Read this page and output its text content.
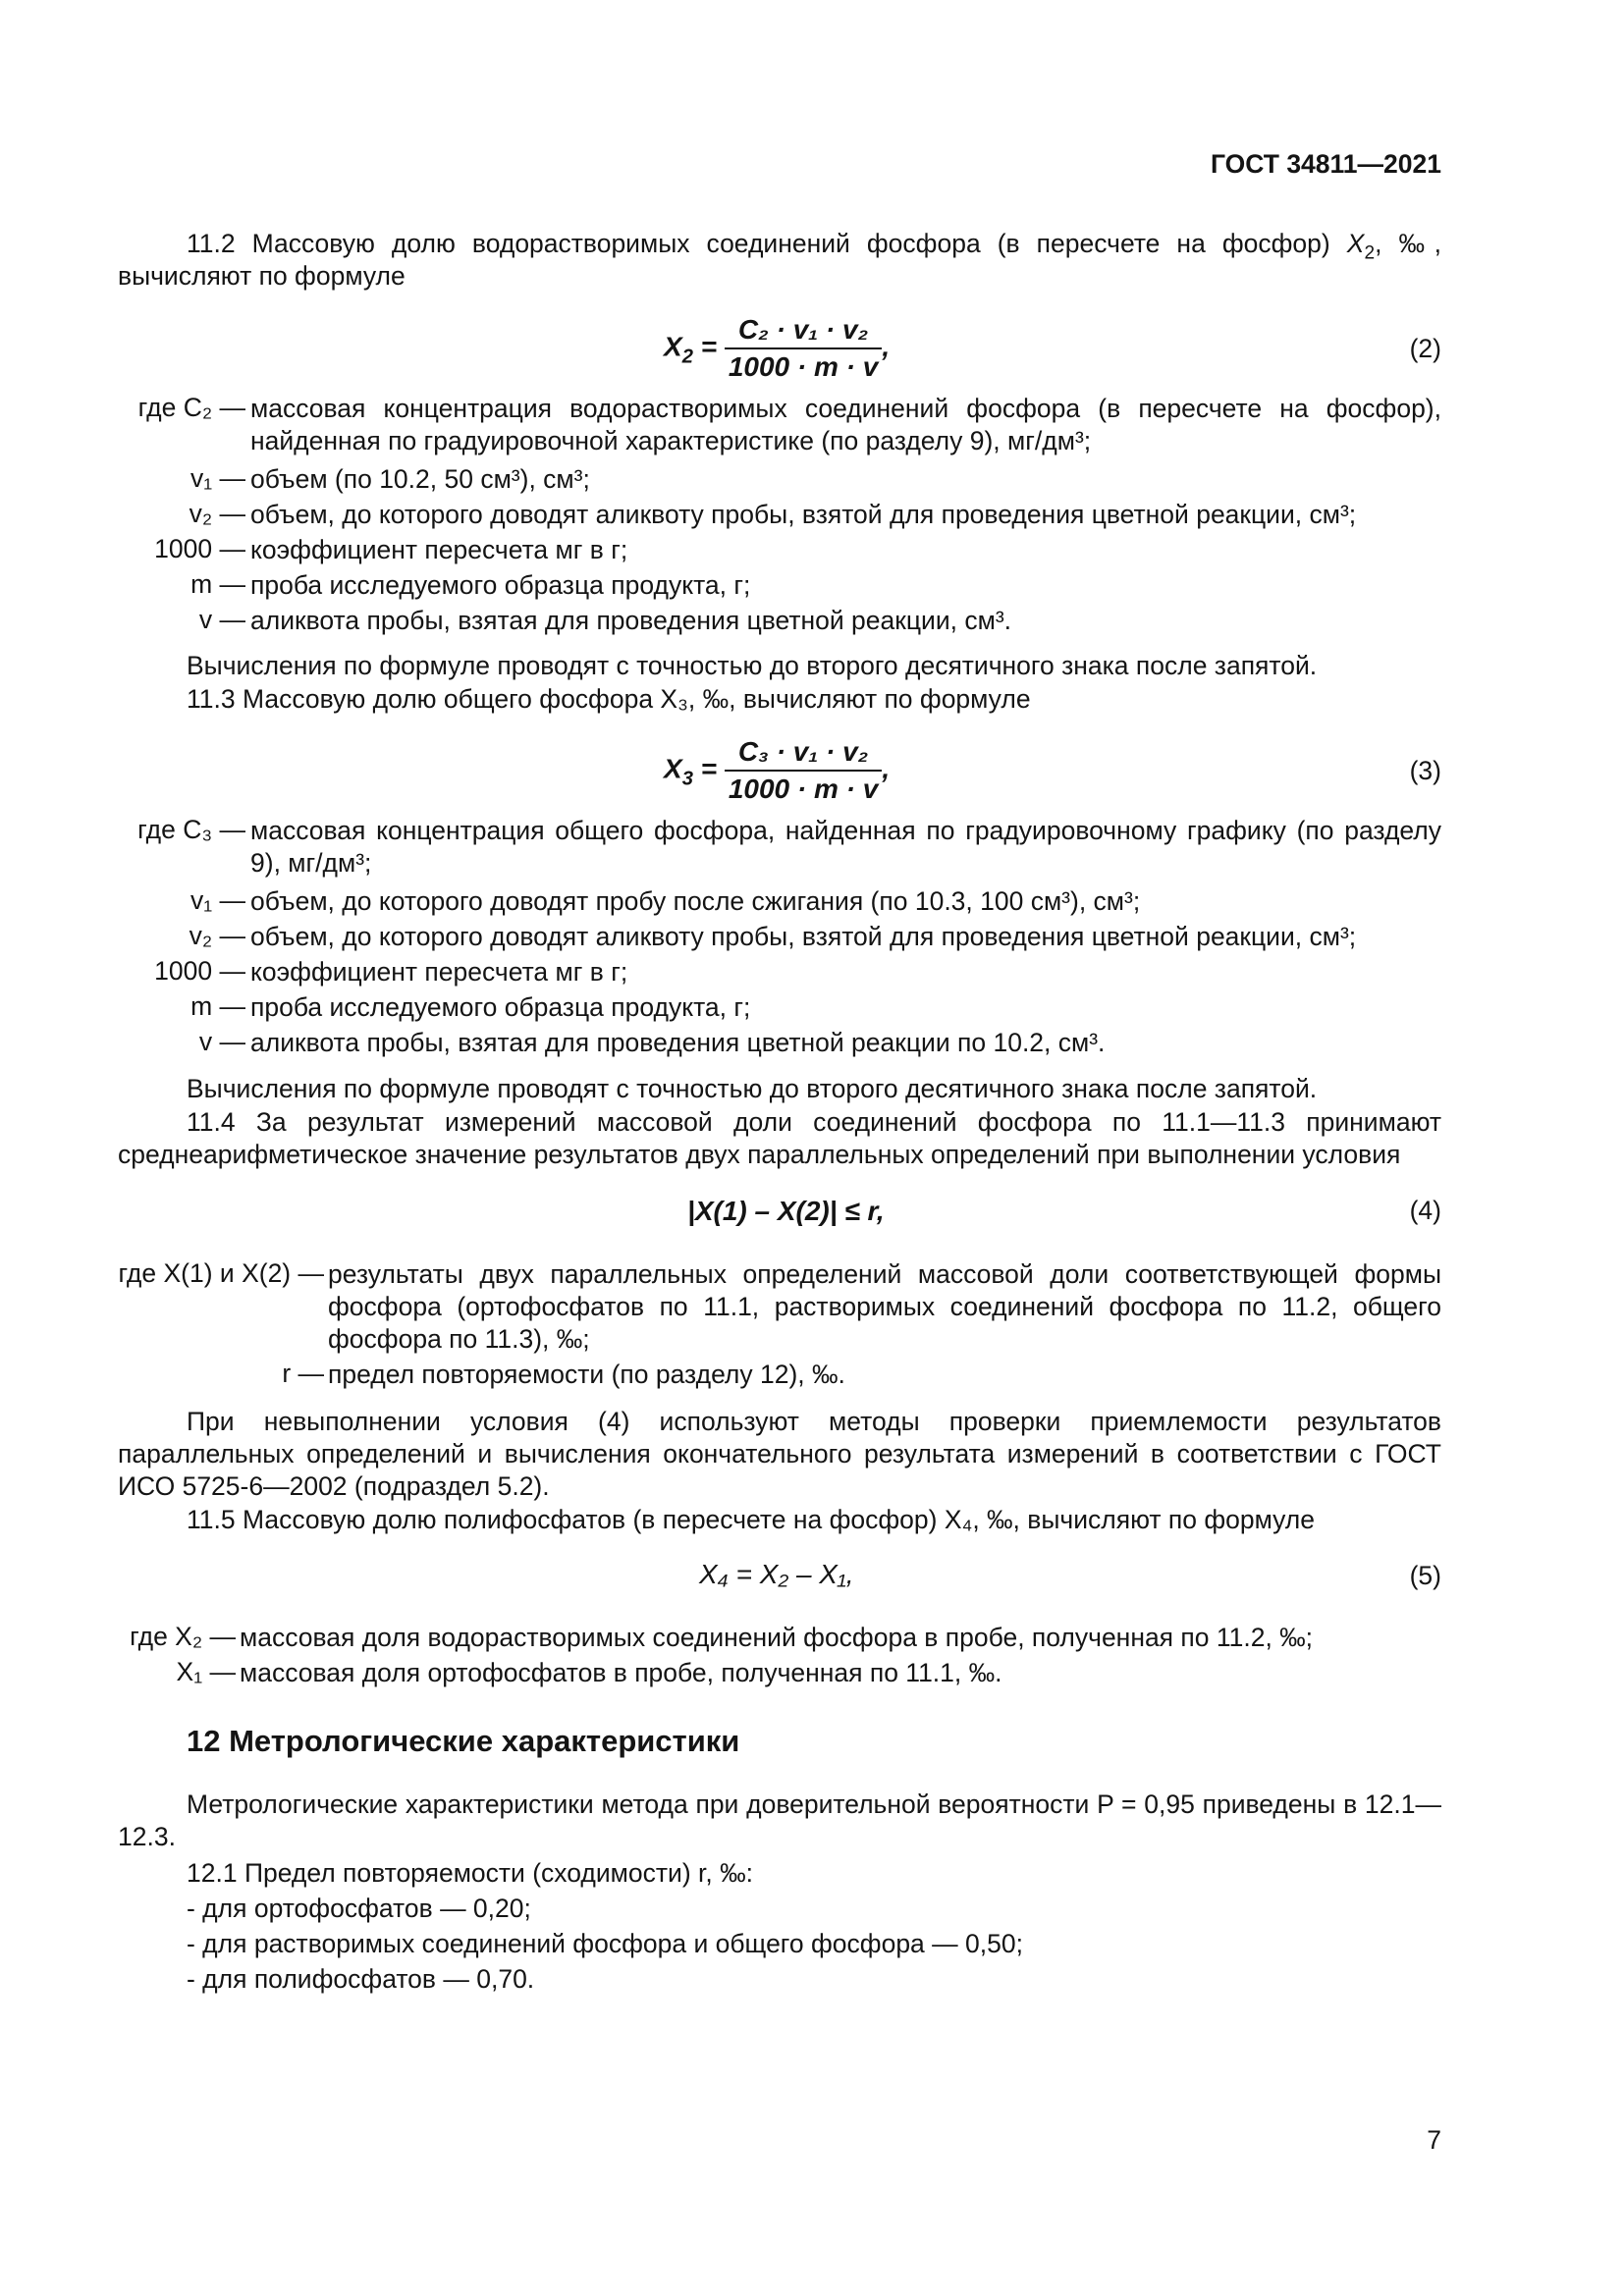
ГОСТ 34811—2021
11.2 Массовую долю водорастворимых соединений фосфора (в пересчете на фосфор) $X_2$, ‰, вычисляют по формуле
$X_2 = \frac{\text{C₂ · v₁ · v₂}}{1000 \cdot m \cdot v}$ ,	(2)
где C₂ — массовая концентрация водорастворимых соединений фосфора (в пересчете на фосфор), найденная по градуировочной характеристике (по разделу 9), мг/дм³;
v₁ — объем (по 10.2, 50 см³), см³;
v₂ — объем, до которого доводят аликвоту пробы, взятой для проведения цветной реакции, см³;
1000 — коэффициент пересчета мг в г;
m — проба исследуемого образца продукта, г;
v — аликвота пробы, взятая для проведения цветной реакции, см³.
Вычисления по формуле проводят с точностью до второго десятичного знака после запятой.
11.3 Массовую долю общего фосфора X₃, ‰, вычисляют по формуле
$X_3 = \frac{\text{C₃ · v₁ · v₂}}{1000 \cdot m \cdot v}$ ,	(3)
где C₃ — массовая концентрация общего фосфора, найденная по градуировочному графику (по разделу 9), мг/дм³;
v₁ — объем, до которого доводят пробу после сжигания (по 10.3, 100 см³), см³;
v₂ — объем, до которого доводят аликвоту пробы, взятой для проведения цветной реакции, см³;
1000 — коэффициент пересчета мг в г;
m — проба исследуемого образца продукта, г;
v — аликвота пробы, взятая для проведения цветной реакции по 10.2, см³.
Вычисления по формуле проводят с точностью до второго десятичного знака после запятой.
11.4 За результат измерений массовой доли соединений фосфора по 11.1—11.3 принимают среднеарифметическое значение результатов двух параллельных определений при выполнении условия
|X(1) – X(2)| ≤ r,	(4)
где X(1) и X(2) — результаты двух параллельных определений массовой доли соответствующей формы фосфора (ортофосфатов по 11.1, растворимых соединений фосфора по 11.2, общего фосфора по 11.3), ‰;
r — предел повторяемости (по разделу 12), ‰.
При невыполнении условия (4) используют методы проверки приемлемости результатов параллельных определений и вычисления окончательного результата измерений в соответствии с ГОСТ ИСО 5725-6—2002 (подраздел 5.2).
11.5 Массовую долю полифосфатов (в пересчете на фосфор) X₄, ‰, вычисляют по формуле
X₄ = X₂ – X₁,	(5)
где X₂ — массовая доля водорастворимых соединений фосфора в пробе, полученная по 11.2, ‰;
X₁ — массовая доля ортофосфатов в пробе, полученная по 11.1, ‰.
12 Метрологические характеристики
Метрологические характеристики метода при доверительной вероятности P = 0,95 приведены в 12.1—12.3.
12.1 Предел повторяемости (сходимости) r, ‰:
- для ортофосфатов — 0,20;
- для растворимых соединений фосфора и общего фосфора — 0,50;
- для полифосфатов — 0,70.
7
